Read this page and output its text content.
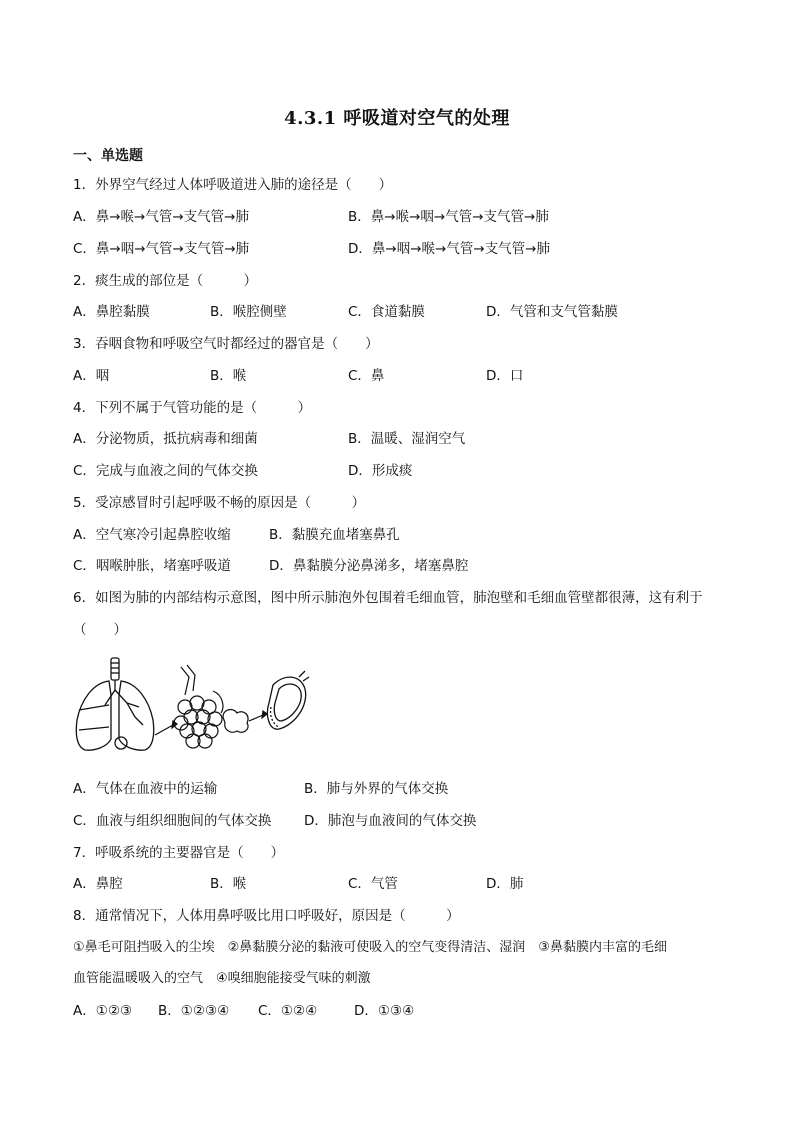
4.3.1 呼吸道对空气的处理
一、单选题
1．外界空气经过人体呼吸道进入肺的途径是（　　）
A．鼻→喉→气管→支气管→肺	B．鼻→喉→咽→气管→支气管→肺
C．鼻→咽→气管→支气管→肺	D．鼻→咽→喉→气管→支气管→肺
2．痰生成的部位是（　　　）
A．鼻腔黏膜	B．喉腔侧壁	C．食道黏膜	D．气管和支气管黏膜
3．吞咽食物和呼吸空气时都经过的器官是（　　）
A．咽	B．喉	C．鼻	D．口
4．下列不属于气管功能的是（　　　）
A．分泌物质，抵抗病毒和细菌	B．温暖、湿润空气
C．完成与血液之间的气体交换	D．形成痰
5．受凉感冒时引起呼吸不畅的原因是（　　　）
A．空气寒冷引起鼻腔收缩	B．黏膜充血堵塞鼻孔
C．咽喉肿胀，堵塞呼吸道	D．鼻黏膜分泌鼻涕多，堵塞鼻腔
6．如图为肺的内部结构示意图，图中所示肺泡外包围着毛细血管，肺泡壁和毛细血管壁都很薄，这有利于
（　　）
A．气体在血液中的运输	B．肺与外界的气体交换
C．血液与组织细胞间的气体交换 D．肺泡与血液间的气体交换
7．呼吸系统的主要器官是（　　）
A．鼻腔	B．喉	C．气管	D．肺
8．通常情况下，人体用鼻呼吸比用口呼吸好，原因是（　　　）
①鼻毛可阻挡吸入的尘埃　②鼻黏膜分泌的黏液可使吸入的空气变得清洁、湿润　③鼻黏膜内丰富的毛细
血管能温暖吸入的空气　④嗅细胞能接受气味的刺激
A．①②③ B．①②③④ C．①②④	D．①③④
